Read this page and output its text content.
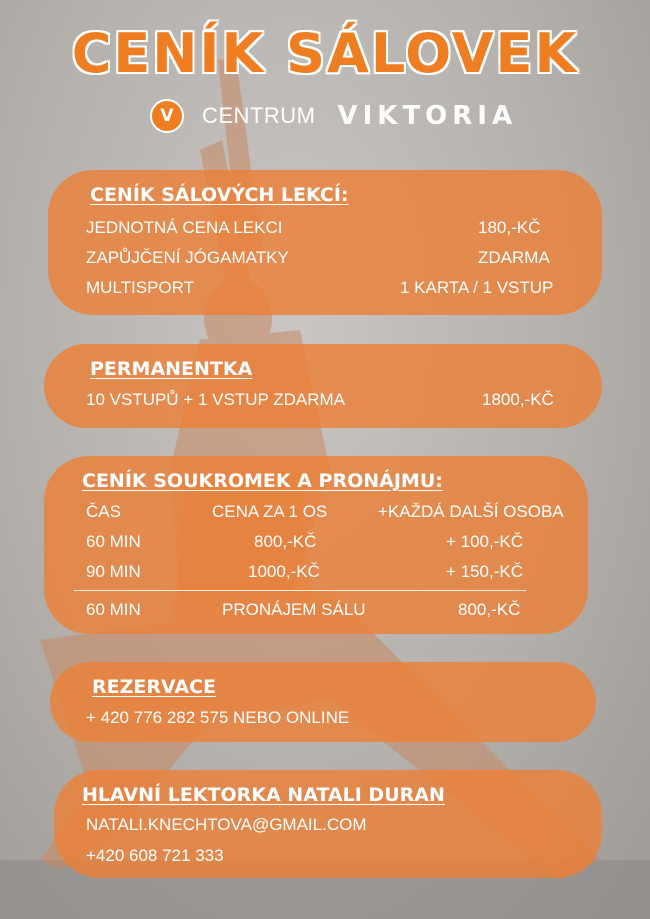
CENÍK SÁLOVEK
V	CENTRUM VIKTORIA
CENÍK SÁLOVÝCH LEKCÍ:
JEDNOTNÁ CENA LEKCI	180,-KČ
ZAPŮJČENÍ JÓGAMATKY	ZDARMA
MULTISPORT	1 KARTA / 1 VSTUP
PERMANENTKA
10 VSTUPŮ + 1 VSTUP ZDARMA	1800,-KČ
CENÍK SOUKROMEK A PRONÁJMU:
ČAS	CENA ZA 1 OS	+KAŽDÁ DALŠÍ OSOBA
60 MIN	800,-KČ	+ 100,-KČ
90 MIN	1000,-KČ	+ 150,-KČ
60 MIN	PRONÁJEM SÁLU	800,-KČ
REZERVACE
+ 420 776 282 575 NEBO ONLINE
HLAVNÍ LEKTORKA NATALI DURAN
NATALI.KNECHTOVA@GMAIL.COM
+420 608 721 333
